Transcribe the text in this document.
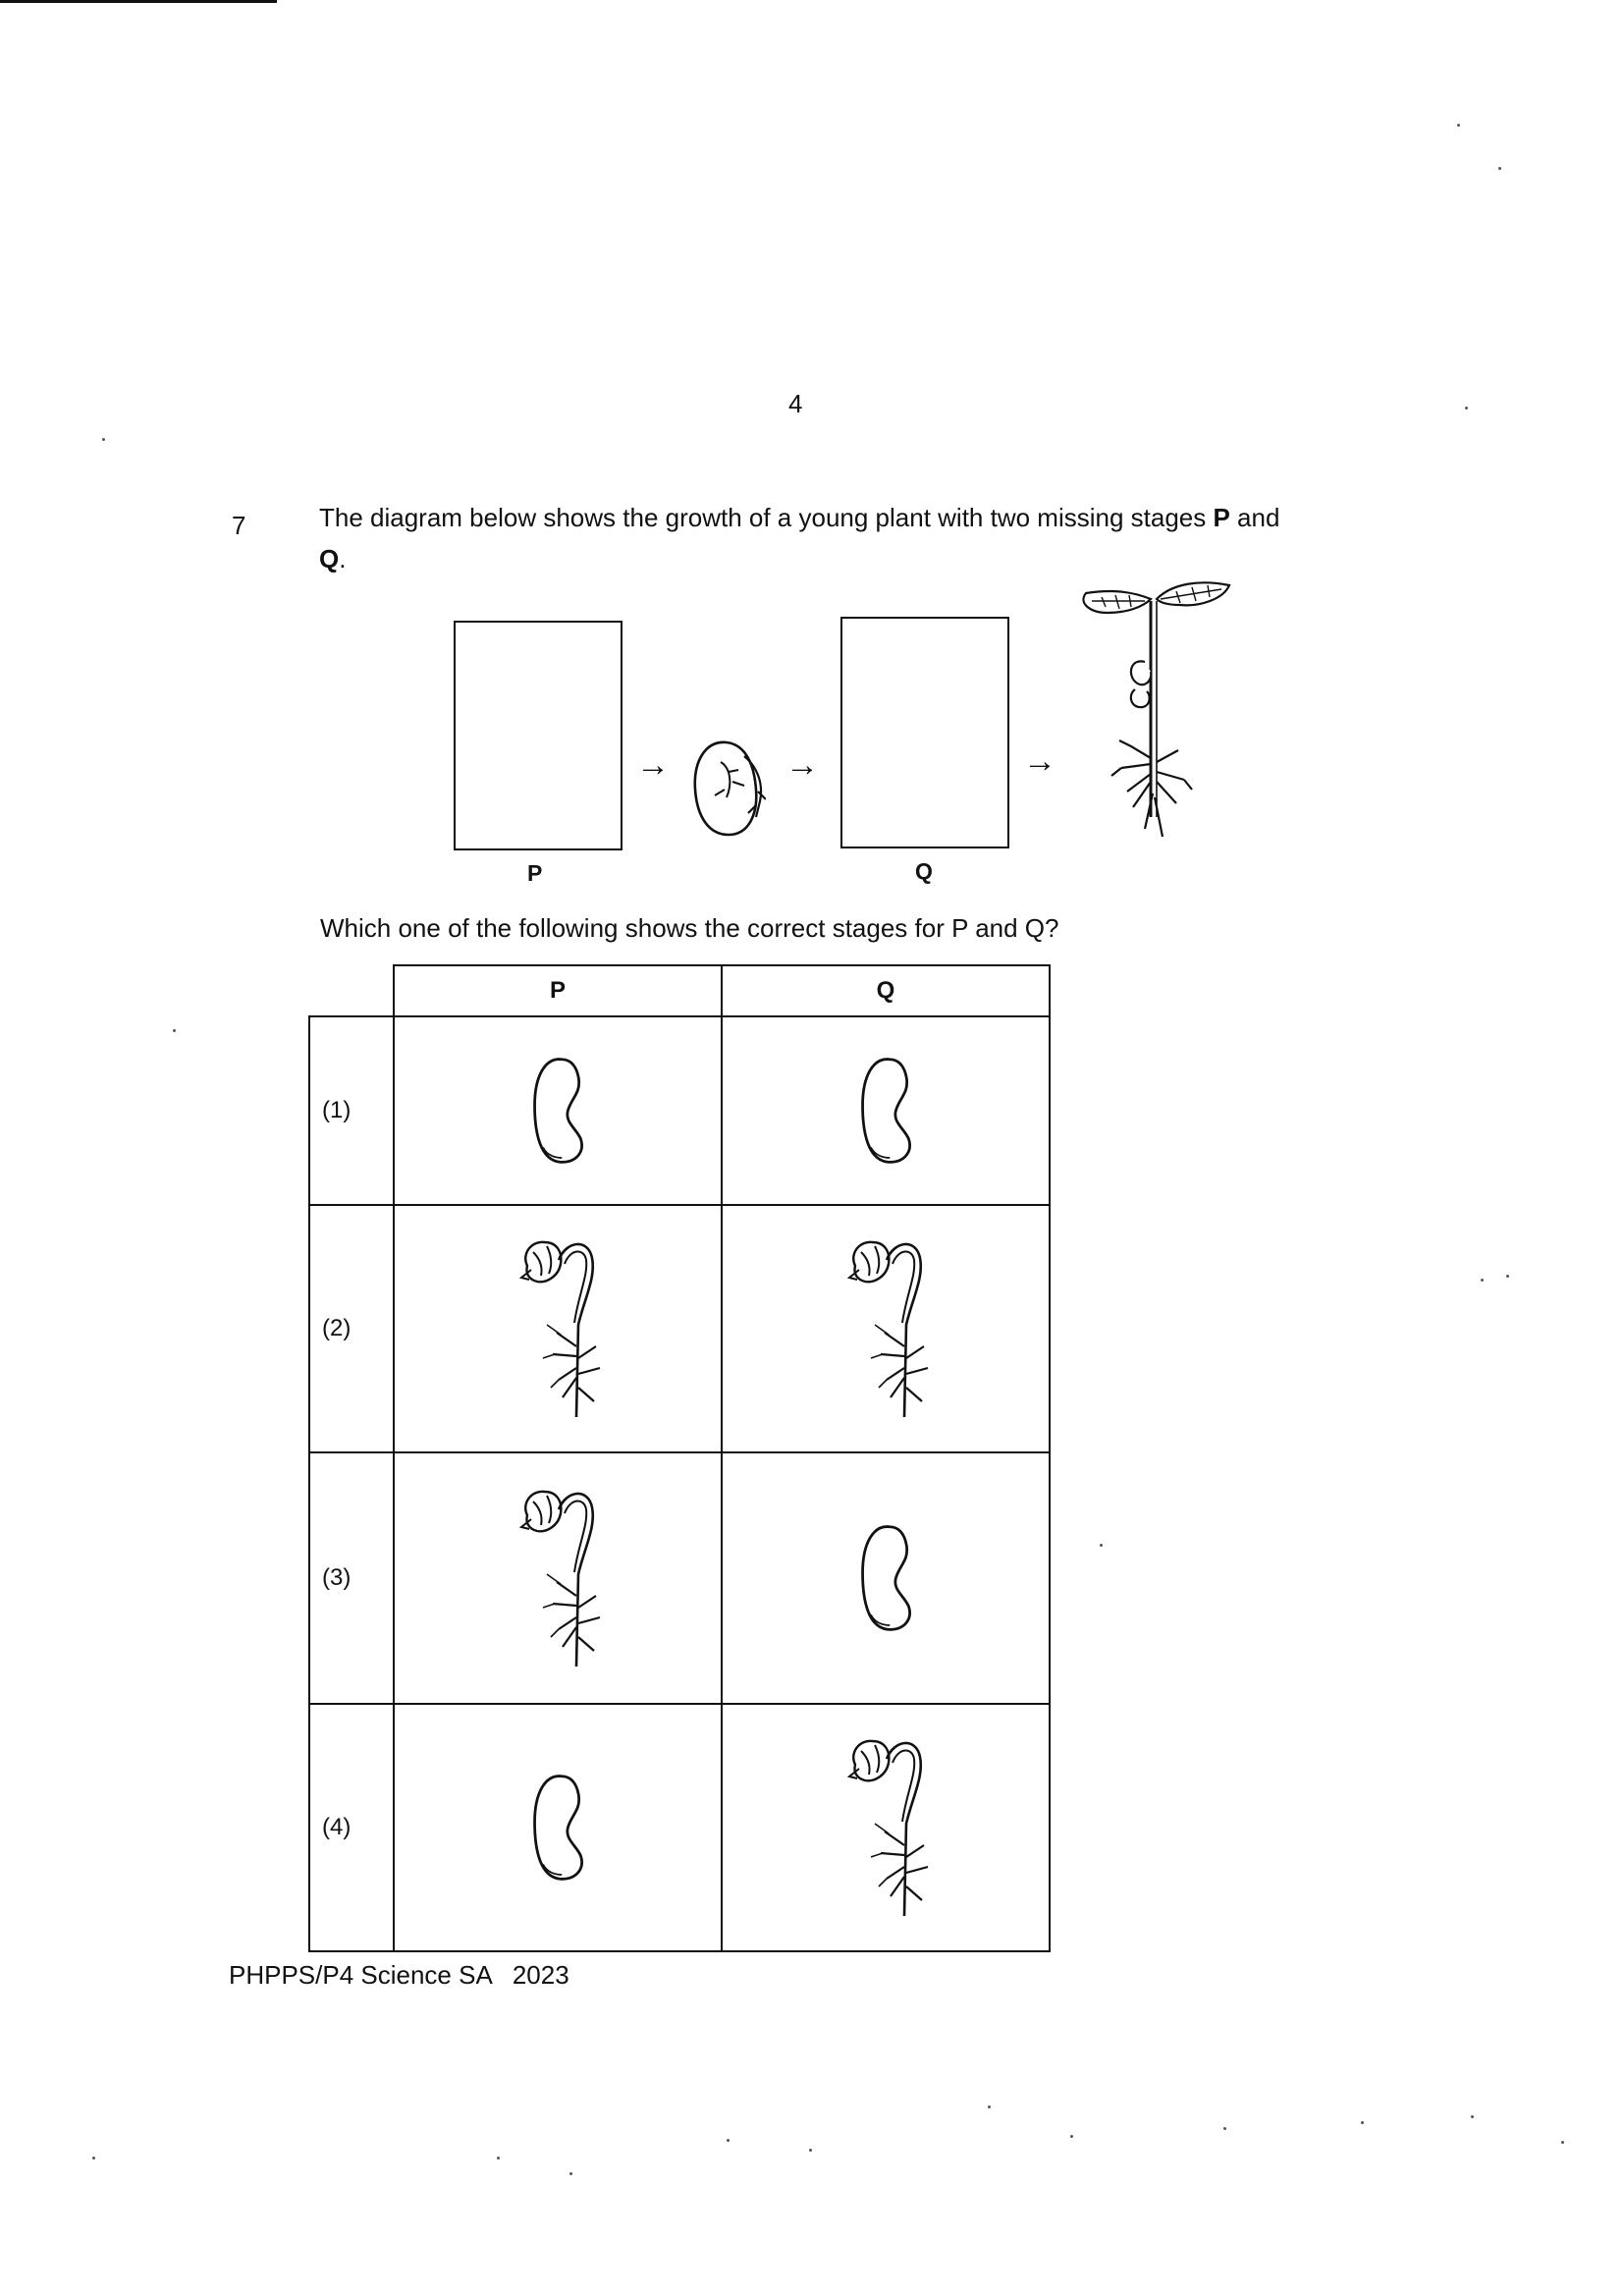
4
7	The diagram below shows the growth of a young plant with two missing stages P and
Q.
P
→	→
Q
→
Which one of the following shows the correct stages for P and Q?
	P	Q
(1)	

(2)	

(3)	

(4)	

PHPPS/P4 Science SA 2023
